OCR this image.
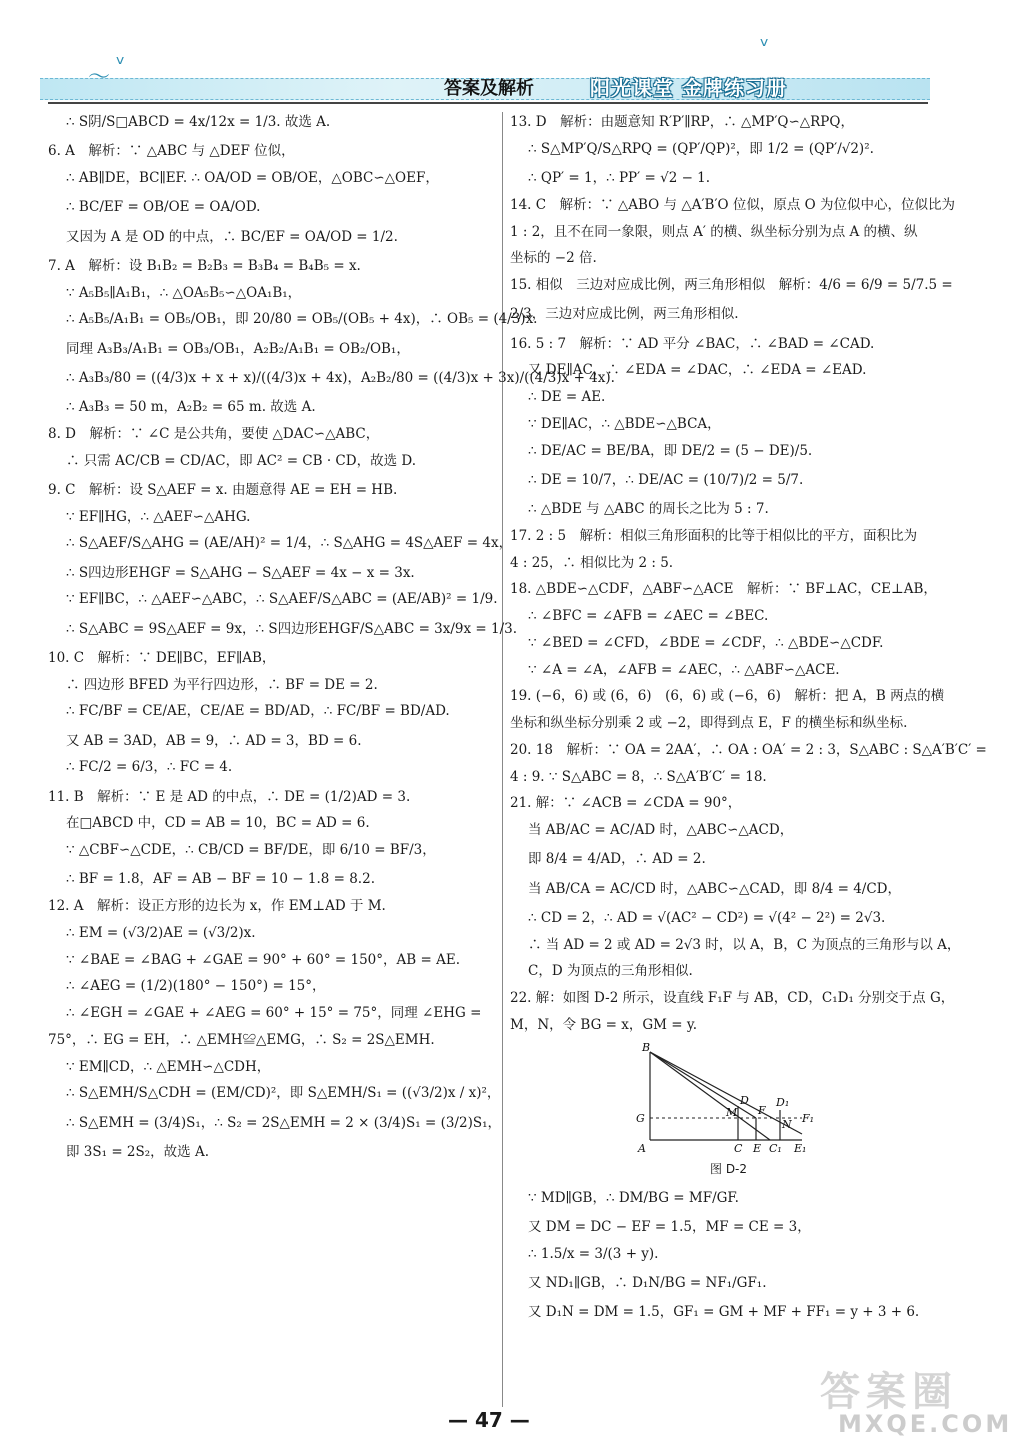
〜
ᵛ
ᵛ
答案及解析	阳光课堂 金牌练习册
∴ S阴/S□ABCD = 4x/12x = 1/3. 故选 A.
6. A　解析：∵ △ABC 与 △DEF 位似，
∴ AB∥DE，BC∥EF. ∴ OA/OD = OB/OE，△OBC∽△OEF，
∴ BC/EF = OB/OE = OA/OD.
又因为 A 是 OD 的中点，∴ BC/EF = OA/OD = 1/2.
7. A　解析：设 B₁B₂ = B₂B₃ = B₃B₄ = B₄B₅ = x.
∵ A₅B₅∥A₁B₁，∴ △OA₅B₅∽△OA₁B₁，
∴ A₅B₅/A₁B₁ = OB₅/OB₁，即 20/80 = OB₅/(OB₅ + 4x)，∴ OB₅ = (4/3)x.
同理 A₃B₃/A₁B₁ = OB₃/OB₁，A₂B₂/A₁B₁ = OB₂/OB₁，
∴ A₃B₃/80 = ((4/3)x + x + x)/((4/3)x + 4x)，A₂B₂/80 = ((4/3)x + 3x)/((4/3)x + 4x).
∴ A₃B₃ = 50 m，A₂B₂ = 65 m. 故选 A.
8. D　解析：∵ ∠C 是公共角，要使 △DAC∽△ABC，
∴ 只需 AC/CB = CD/AC，即 AC² = CB · CD，故选 D.
9. C　解析：设 S△AEF = x. 由题意得 AE = EH = HB.
∵ EF∥HG，∴ △AEF∽△AHG.
∴ S△AEF/S△AHG = (AE/AH)² = 1/4，∴ S△AHG = 4S△AEF = 4x，
∴ S四边形EHGF = S△AHG − S△AEF = 4x − x = 3x.
∵ EF∥BC，∴ △AEF∽△ABC，∴ S△AEF/S△ABC = (AE/AB)² = 1/9.
∴ S△ABC = 9S△AEF = 9x，∴ S四边形EHGF/S△ABC = 3x/9x = 1/3.
10. C　解析：∵ DE∥BC，EF∥AB，
∴ 四边形 BFED 为平行四边形，∴ BF = DE = 2.
∴ FC/BF = CE/AE，CE/AE = BD/AD，∴ FC/BF = BD/AD.
又 AB = 3AD，AB = 9，∴ AD = 3，BD = 6.
∴ FC/2 = 6/3，∴ FC = 4.
11. B　解析：∵ E 是 AD 的中点，∴ DE = (1/2)AD = 3.
在□ABCD 中，CD = AB = 10，BC = AD = 6.
∵ △CBF∽△CDE，∴ CB/CD = BF/DE，即 6/10 = BF/3，
∴ BF = 1.8，AF = AB − BF = 10 − 1.8 = 8.2.
12. A　解析：设正方形的边长为 x，作 EM⊥AD 于 M.
∴ EM = (√3/2)AE = (√3/2)x.
∵ ∠BAE = ∠BAG + ∠GAE = 90° + 60° = 150°，AB = AE.
∴ ∠AEG = (1/2)(180° − 150°) = 15°，
∴ ∠EGH = ∠GAE + ∠AEG = 60° + 15° = 75°，同理 ∠EHG =
75°，∴ EG = EH，∴ △EMH≌△EMG，∴ S₂ = 2S△EMH.
∵ EM∥CD，∴ △EMH∽△CDH，
∴ S△EMH/S△CDH = (EM/CD)²，即 S△EMH/S₁ = ((√3/2)x / x)²，
∴ S△EMH = (3/4)S₁，∴ S₂ = 2S△EMH = 2 × (3/4)S₁ = (3/2)S₁，
即 3S₁ = 2S₂，故选 A.
13. D　解析：由题意知 R′P′∥RP，∴ △MP′Q∽△RPQ，
∴ S△MP′Q/S△RPQ = (QP′/QP)²，即 1/2 = (QP′/√2)².
∴ QP′ = 1，∴ PP′ = √2 − 1.
14. C　解析：∵ △ABO 与 △A′B′O 位似，原点 O 为位似中心，位似比为
1 : 2，且不在同一象限，则点 A′ 的横、纵坐标分别为点 A 的横、纵
坐标的 −2 倍.
15. 相似　三边对应成比例，两三角形相似　解析：4/6 = 6/9 = 5/7.5 =
2/3，三边对应成比例，两三角形相似.
16. 5 : 7　解析：∵ AD 平分 ∠BAC，∴ ∠BAD = ∠CAD.
又 DE∥AC，∴ ∠EDA = ∠DAC，∴ ∠EDA = ∠EAD.
∴ DE = AE.
∵ DE∥AC，∴ △BDE∽△BCA，
∴ DE/AC = BE/BA，即 DE/2 = (5 − DE)/5.
∴ DE = 10/7，∴ DE/AC = (10/7)/2 = 5/7.
∴ △BDE 与 △ABC 的周长之比为 5 : 7.
17. 2 : 5　解析：相似三角形面积的比等于相似比的平方，面积比为
4 : 25，∴ 相似比为 2 : 5.
18. △BDE∽△CDF，△ABF∽△ACE　解析：∵ BF⊥AC，CE⊥AB，
∴ ∠BFC = ∠AFB = ∠AEC = ∠BEC.
∵ ∠BED = ∠CFD，∠BDE = ∠CDF，∴ △BDE∽△CDF.
∵ ∠A = ∠A，∠AFB = ∠AEC，∴ △ABF∽△ACE.
19. (−6，6) 或 (6，6)　(6，6) 或 (−6，6)　解析：把 A，B 两点的横
坐标和纵坐标分别乘 2 或 −2，即得到点 E，F 的横坐标和纵坐标.
20. 18　解析：∵ OA = 2AA′，∴ OA : OA′ = 2 : 3，S△ABC : S△A′B′C′ =
4 : 9. ∵ S△ABC = 8，∴ S△A′B′C′ = 18.
21. 解：∵ ∠ACB = ∠CDA = 90°，
当 AB/AC = AC/AD 时，△ABC∽△ACD，
即 8/4 = 4/AD，∴ AD = 2.
当 AB/CA = AC/CD 时，△ABC∽△CAD，即 8/4 = 4/CD，
∴ CD = 2，∴ AD = √(AC² − CD²) = √(4² − 2²) = 2√3.
∴ 当 AD = 2 或 AD = 2√3 时，以 A，B，C 为顶点的三角形与以 A，
C，D 为顶点的三角形相似.
22. 解：如图 D-2 所示，设直线 F₁F 与 AB，CD，C₁D₁ 分别交于点 G，
M，N，令 BG = x，GM = y.
B
G
A
D
M F
C E C₁
D₁
N F₁
E₁
图 D-2
∵ MD∥GB，∴ DM/BG = MF/GF.
又 DM = DC − EF = 1.5，MF = CE = 3，
∴ 1.5/x = 3/(3 + y).
又 ND₁∥GB，∴ D₁N/BG = NF₁/GF₁.
又 D₁N = DM = 1.5，GF₁ = GM + MF + FF₁ = y + 3 + 6.
— 47 —
答案圈
MXQE.COM
